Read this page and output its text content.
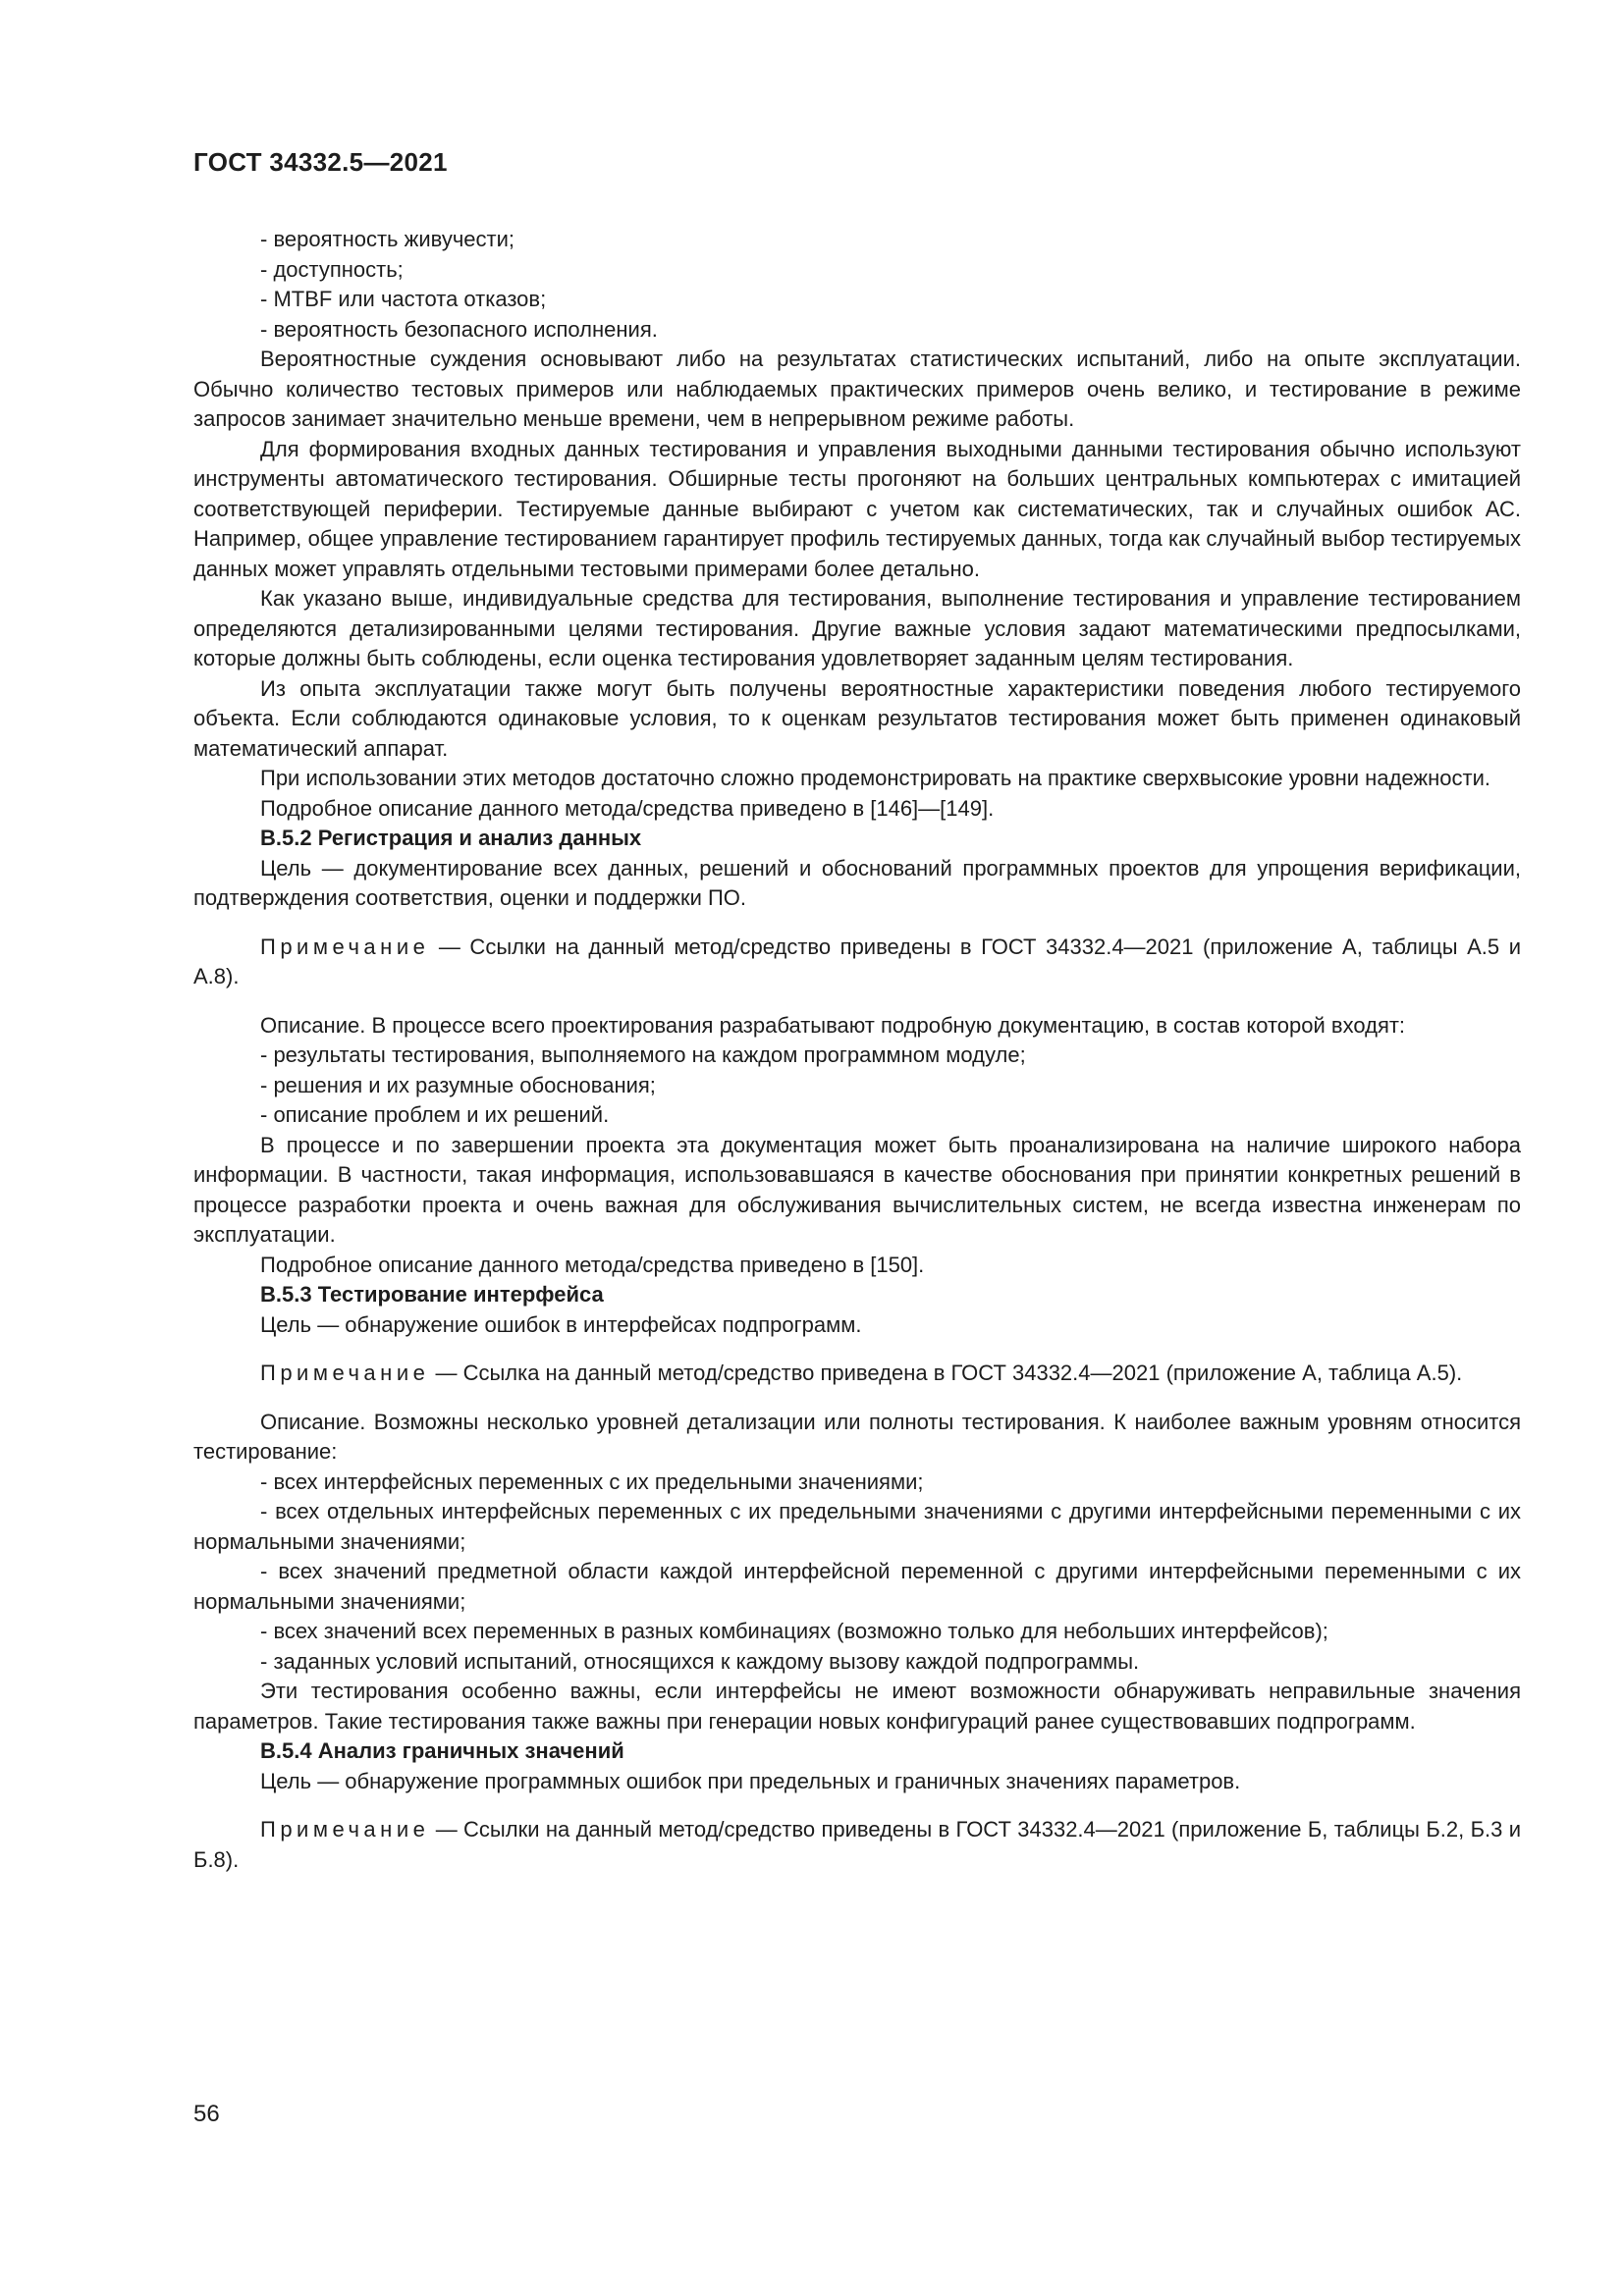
ГОСТ 34332.5—2021

- вероятность живучести;

- доступность;

- MTBF или частота отказов;

- вероятность безопасного исполнения.

Вероятностные суждения основывают либо на результатах статистических испытаний, либо на опыте эксплуатации. Обычно количество тестовых примеров или наблюдаемых практических примеров очень велико, и тестирование в режиме запросов занимает значительно меньше времени, чем в непрерывном режиме работы.

Для формирования входных данных тестирования и управления выходными данными тестирования обычно используют инструменты автоматического тестирования. Обширные тесты прогоняют на больших центральных компьютерах с имитацией соответствующей периферии. Тестируемые данные выбирают с учетом как систематических, так и случайных ошибок АС. Например, общее управление тестированием гарантирует профиль тестируемых данных, тогда как случайный выбор тестируемых данных может управлять отдельными тестовыми примерами более детально.

Как указано выше, индивидуальные средства для тестирования, выполнение тестирования и управление тестированием определяются детализированными целями тестирования. Другие важные условия задают математическими предпосылками, которые должны быть соблюдены, если оценка тестирования удовлетворяет заданным целям тестирования.

Из опыта эксплуатации также могут быть получены вероятностные характеристики поведения любого тестируемого объекта. Если соблюдаются одинаковые условия, то к оценкам результатов тестирования может быть применен одинаковый математический аппарат.

При использовании этих методов достаточно сложно продемонстрировать на практике сверхвысокие уровни надежности.

Подробное описание данного метода/средства приведено в [146]—[149].

В.5.2 Регистрация и анализ данных

Цель — документирование всех данных, решений и обоснований программных проектов для упрощения верификации, подтверждения соответствия, оценки и поддержки ПО.

Примечание — Ссылки на данный метод/средство приведены в ГОСТ 34332.4—2021 (приложение А, таблицы А.5 и А.8).

Описание. В процессе всего проектирования разрабатывают подробную документацию, в состав которой входят:

- результаты тестирования, выполняемого на каждом программном модуле;

- решения и их разумные обоснования;

- описание проблем и их решений.

В процессе и по завершении проекта эта документация может быть проанализирована на наличие широкого набора информации. В частности, такая информация, использовавшаяся в качестве обоснования при принятии конкретных решений в процессе разработки проекта и очень важная для обслуживания вычислительных систем, не всегда известна инженерам по эксплуатации.

Подробное описание данного метода/средства приведено в [150].

В.5.3 Тестирование интерфейса

Цель — обнаружение ошибок в интерфейсах подпрограмм.

Примечание — Ссылка на данный метод/средство приведена в ГОСТ 34332.4—2021 (приложение А, таблица А.5).

Описание. Возможны несколько уровней детализации или полноты тестирования. К наиболее важным уровням относится тестирование:

- всех интерфейсных переменных с их предельными значениями;

- всех отдельных интерфейсных переменных с их предельными значениями с другими интерфейсными переменными с их нормальными значениями;

- всех значений предметной области каждой интерфейсной переменной с другими интерфейсными переменными с их нормальными значениями;

- всех значений всех переменных в разных комбинациях (возможно только для небольших интерфейсов);

- заданных условий испытаний, относящихся к каждому вызову каждой подпрограммы.

Эти тестирования особенно важны, если интерфейсы не имеют возможности обнаруживать неправильные значения параметров. Такие тестирования также важны при генерации новых конфигураций ранее существовавших подпрограмм.

В.5.4 Анализ граничных значений

Цель — обнаружение программных ошибок при предельных и граничных значениях параметров.

Примечание — Ссылки на данный метод/средство приведены в ГОСТ 34332.4—2021 (приложение Б, таблицы Б.2, Б.3 и Б.8).

56
